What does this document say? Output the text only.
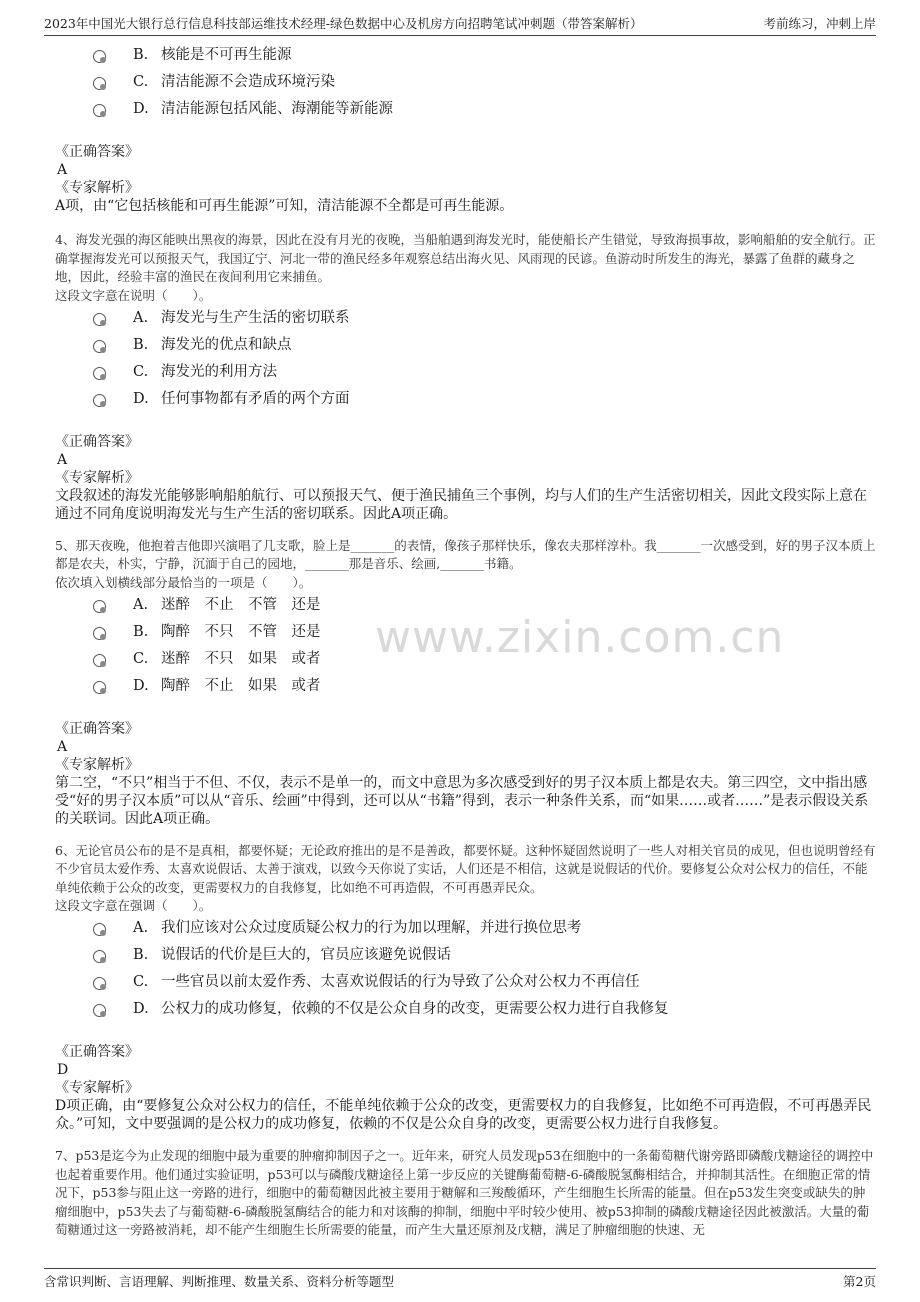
2023年中国光大银行总行信息科技部运维技术经理-绿色数据中心及机房方向招聘笔试冲刺题（带答案解析）	考前练习，冲刺上岸
www.zixin.com.cn
B. 核能是不可再生能源
C. 清洁能源不会造成环境污染
D. 清洁能源包括风能、海潮能等新能源
《正确答案》
A
《专家解析》
A项，由“它包括核能和可再生能源”可知，清洁能源不全都是可再生能源。
4、海发光强的海区能映出黑夜的海景，因此在没有月光的夜晚，当船舶遇到海发光时，能使船长产生错觉，导致海损事故，影响船舶的安全航行。正确掌握海发光可以预报天气，我国辽宁、河北一带的渔民经多年观察总结出海火见、风雨现的民谚。鱼游动时所发生的海光，暴露了鱼群的藏身之地，因此，经验丰富的渔民在夜间利用它来捕鱼。
这段文字意在说明（　　）。
A. 海发光与生产生活的密切联系
B. 海发光的优点和缺点
C. 海发光的利用方法
D. 任何事物都有矛盾的两个方面
《正确答案》
A
《专家解析》
文段叙述的海发光能够影响船舶航行、可以预报天气、便于渔民捕鱼三个事例，均与人们的生产生活密切相关，因此文段实际上意在通过不同角度说明海发光与生产生活的密切联系。因此A项正确。
5、那天夜晚，他抱着吉他即兴演唱了几支歌，脸上是_______的表情，像孩子那样快乐，像农夫那样淳朴。我_______一次感受到，好的男子汉本质上都是农夫，朴实，宁静，沉湎于自己的园地，_______那是音乐、绘画,_______书籍。
依次填入划横线部分最恰当的一项是（　　）。
A. 迷醉　不止　不管　还是
B. 陶醉　不只　不管　还是
C. 迷醉　不只　如果　或者
D. 陶醉　不止　如果　或者
《正确答案》
A
《专家解析》
第二空，“不只”相当于不但、不仅，表示不是单一的，而文中意思为多次感受到好的男子汉本质上都是农夫。第三四空，文中指出感受“好的男子汉本质”可以从“音乐、绘画”中得到，还可以从“书籍”得到，表示一种条件关系，而“如果……或者……”是表示假设关系的关联词。因此A项正确。
6、无论官员公布的是不是真相，都要怀疑；无论政府推出的是不是善政，都要怀疑。这种怀疑固然说明了一些人对相关官员的成见，但也说明曾经有不少官员太爱作秀、太喜欢说假话、太善于演戏，以致今天你说了实话，人们还是不相信，这就是说假话的代价。要修复公众对公权力的信任，不能单纯依赖于公众的改变，更需要权力的自我修复，比如绝不可再造假，不可再愚弄民众。
这段文字意在强调（　　）。
A. 我们应该对公众过度质疑公权力的行为加以理解，并进行换位思考
B. 说假话的代价是巨大的，官员应该避免说假话
C. 一些官员以前太爱作秀、太喜欢说假话的行为导致了公众对公权力不再信任
D. 公权力的成功修复，依赖的不仅是公众自身的改变，更需要公权力进行自我修复
《正确答案》
D
《专家解析》
D项正确，由“要修复公众对公权力的信任，不能单纯依赖于公众的改变，更需要权力的自我修复，比如绝不可再造假，不可再愚弄民众。”可知，文中要强调的是公权力的成功修复，依赖的不仅是公众自身的改变，更需要公权力进行自我修复。
7、p53是迄今为止发现的细胞中最为重要的肿瘤抑制因子之一。近年来，研究人员发现p53在细胞中的一条葡萄糖代谢旁路即磷酸戊糖途径的调控中也起着重要作用。他们通过实验证明，p53可以与磷酸戊糖途径上第一步反应的关键酶葡萄糖-6-磷酸脱氢酶相结合，并抑制其活性。在细胞正常的情况下，p53参与阻止这一旁路的进行，细胞中的葡萄糖因此被主要用于糖解和三羧酸循环，产生细胞生长所需的能量。但在p53发生突变或缺失的肿瘤细胞中，p53失去了与葡萄糖-6-磷酸脱氢酶结合的能力和对该酶的抑制，细胞中平时较少使用、被p53抑制的磷酸戊糖途径因此被激活。大量的葡萄糖通过这一旁路被消耗，却不能产生细胞生长所需要的能量，而产生大量还原剂及戊糖，满足了肿瘤细胞的快速、无
含常识判断、言语理解、判断推理、数量关系、资料分析等题型	第2页
